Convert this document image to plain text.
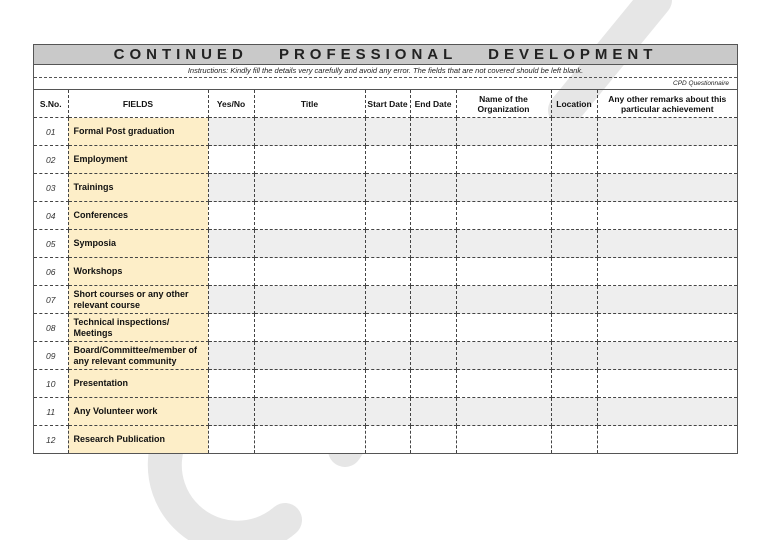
CONTINUED PROFESSIONAL DEVELOPMENT
Instructions: Kindly fill the details very carefully and avoid any error. The fields that are not covered should be left blank.
CPD Questionnaire
S.No.	FIELDS	Yes/No	Title	Start Date	End Date	Name of the Organization	Location	Any other remarks about this particular achievement
01	Formal Post graduation							
02	Employment							
03	Trainings							
04	Conferences							
05	Symposia							
06	Workshops							
07	Short courses or any other relevant course							
08	Technical inspections/ Meetings							
09	Board/Committee/member of any relevant community							
10	Presentation							
11	Any Volunteer work							
12	Research Publication							
